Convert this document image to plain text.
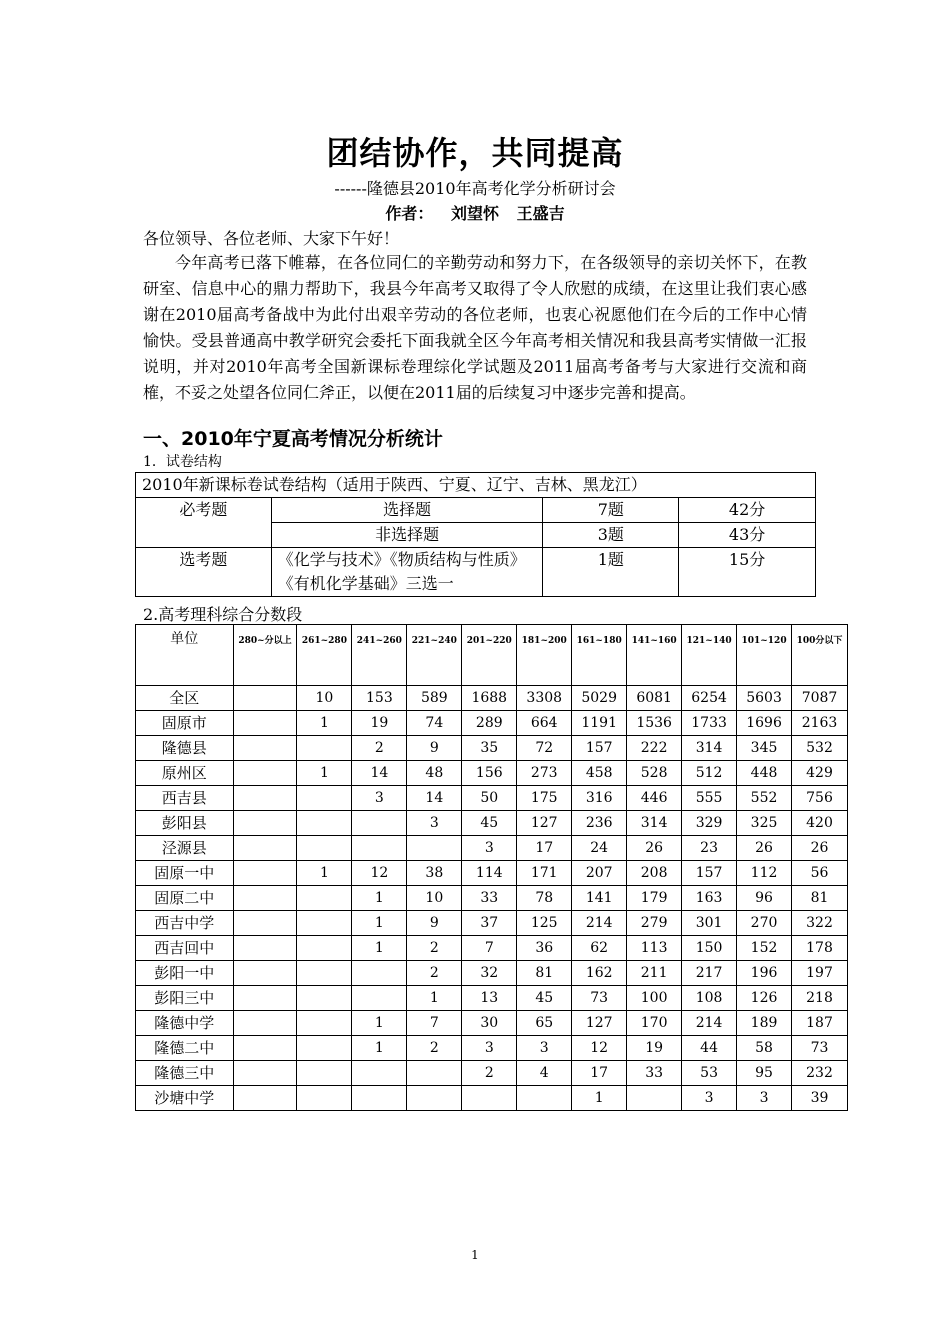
团结协作，共同提高
------隆德县2010年高考化学分析研讨会
作者： 刘望怀 王盛吉
各位领导、各位老师、大家下午好！
今年高考已落下帷幕，在各位同仁的辛勤劳动和努力下，在各级领导的亲切关怀下，在教研室、信息中心的鼎力帮助下，我县今年高考又取得了令人欣慰的成绩，在这里让我们衷心感谢在2010届高考备战中为此付出艰辛劳动的各位老师，也衷心祝愿他们在今后的工作中心情愉快。受县普通高中教学研究会委托下面我就全区今年高考相关情况和我县高考实情做一汇报说明，并对2010年高考全国新课标卷理综化学试题及2011届高考备考与大家进行交流和商榷，不妥之处望各位同仁斧正，以便在2011届的后续复习中逐步完善和提高。
一、2010年宁夏高考情况分析统计
1．试卷结构
2010年新课标卷试卷结构（适用于陕西、宁夏、辽宁、吉林、黑龙江）			
必考题	选择题	7题	42分
	非选择题	3题	43分
选考题	《化学与技术》《物质结构与性质》《有机化学基础》三选一	1题	15分
2.高考理科综合分数段
单位	280~分以上	261~280	241~260	221~240	201~220	181~200	161~180	141~160	121~140	101~120	100分以下
全区		10	153	589	1688	3308	5029	6081	6254	5603	7087
固原市		1	19	74	289	664	1191	1536	1733	1696	2163
隆德县			2	9	35	72	157	222	314	345	532
原州区		1	14	48	156	273	458	528	512	448	429
西吉县			3	14	50	175	316	446	555	552	756
彭阳县				3	45	127	236	314	329	325	420
泾源县					3	17	24	26	23	26	26
固原一中		1	12	38	114	171	207	208	157	112	56
固原二中			1	10	33	78	141	179	163	96	81
西吉中学			1	9	37	125	214	279	301	270	322
西吉回中			1	2	7	36	62	113	150	152	178
彭阳一中				2	32	81	162	211	217	196	197
彭阳三中				1	13	45	73	100	108	126	218
隆德中学			1	7	30	65	127	170	214	189	187
隆德二中			1	2	3	3	12	19	44	58	73
隆德三中					2	4	17	33	53	95	232
沙塘中学							1		3	3	39
1
